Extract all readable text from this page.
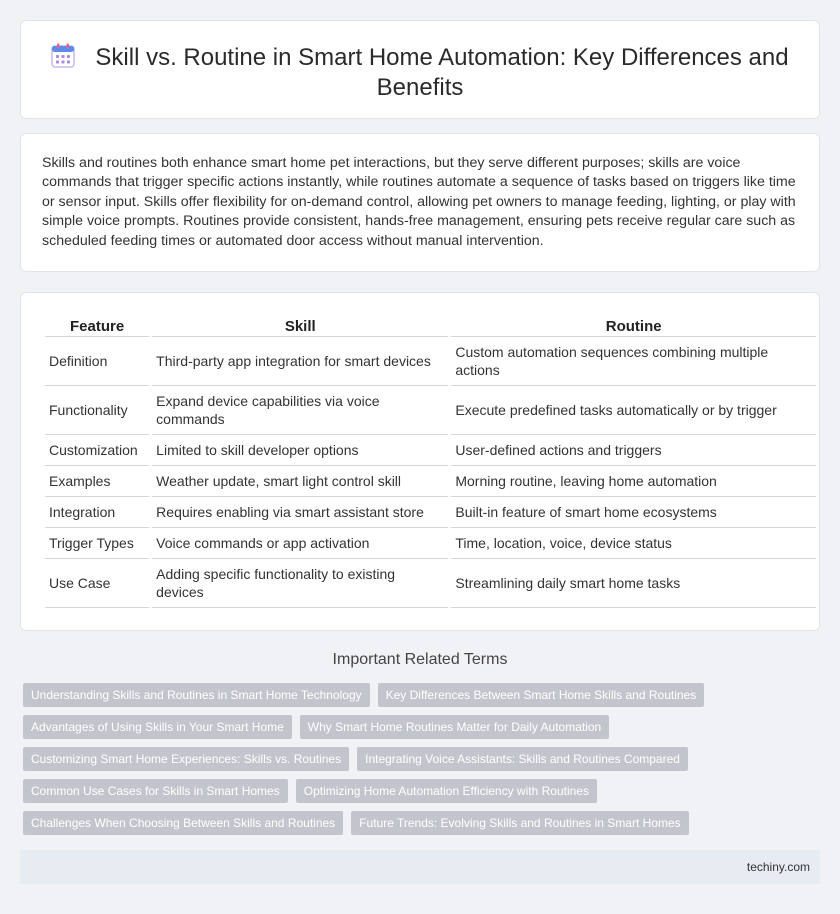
Skill vs. Routine in Smart Home Automation: Key Differences and Benefits

Skills and routines both enhance smart home pet interactions, but they serve different purposes; skills are voice commands that trigger specific actions instantly, while routines automate a sequence of tasks based on triggers like time or sensor input. Skills offer flexibility for on-demand control, allowing pet owners to manage feeding, lighting, or play with simple voice prompts. Routines provide consistent, hands-free management, ensuring pets receive regular care such as scheduled feeding times or automated door access without manual intervention.

Feature	Skill	Routine
Definition	Third-party app integration for smart devices	Custom automation sequences combining multiple actions
Functionality	Expand device capabilities via voice commands	Execute predefined tasks automatically or by trigger
Customization	Limited to skill developer options	User-defined actions and triggers
Examples	Weather update, smart light control skill	Morning routine, leaving home automation
Integration	Requires enabling via smart assistant store	Built-in feature of smart home ecosystems
Trigger Types	Voice commands or app activation	Time, location, voice, device status
Use Case	Adding specific functionality to existing devices	Streamlining daily smart home tasks
Important Related Terms
Understanding Skills and Routines in Smart Home Technology	Key Differences Between Smart Home Skills and Routines
Advantages of Using Skills in Your Smart Home	Why Smart Home Routines Matter for Daily Automation
Customizing Smart Home Experiences: Skills vs. Routines	Integrating Voice Assistants: Skills and Routines Compared
Common Use Cases for Skills in Smart Homes	Optimizing Home Automation Efficiency with Routines
Challenges When Choosing Between Skills and Routines	Future Trends: Evolving Skills and Routines in Smart Homes
techiny.com
